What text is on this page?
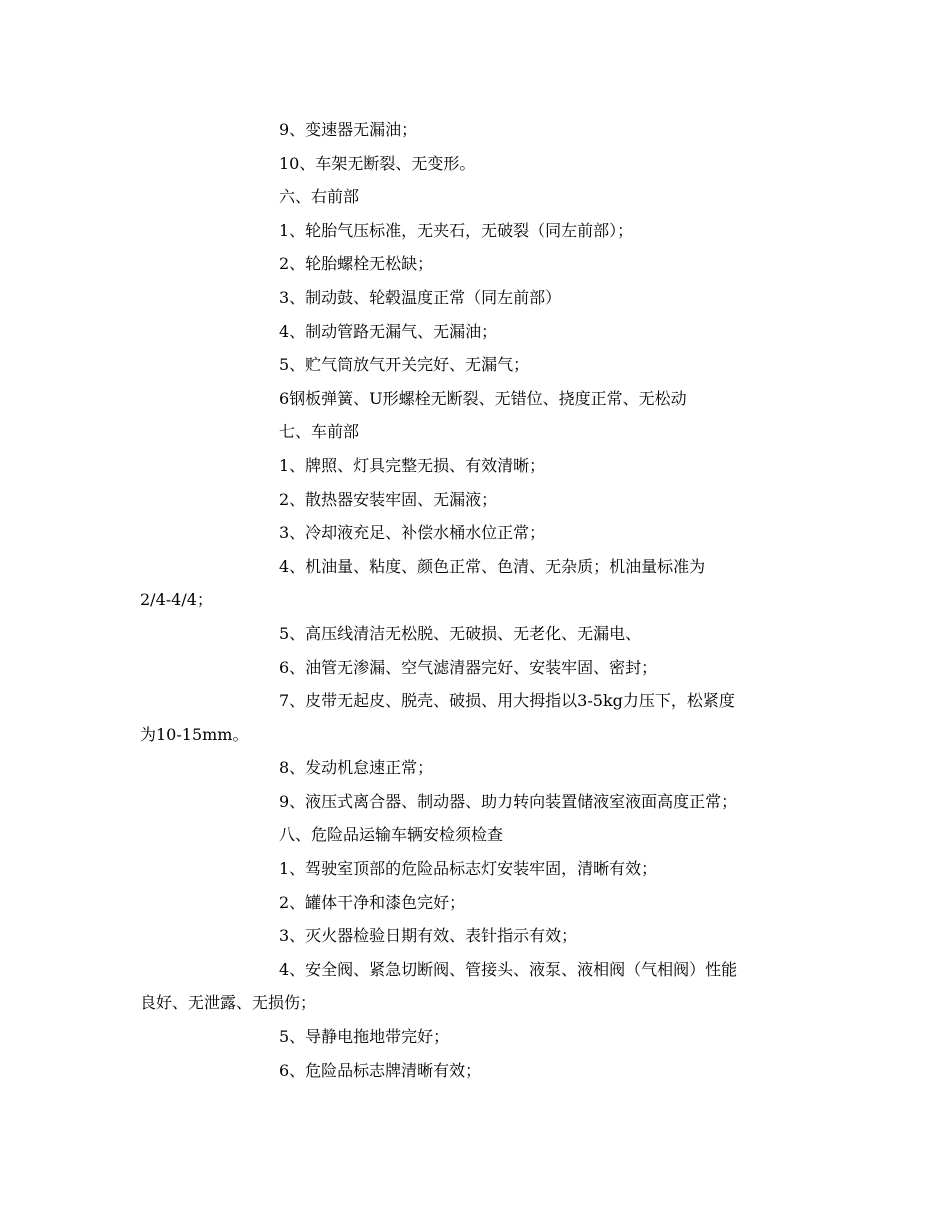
9、变速器无漏油；
10、车架无断裂、无变形。
六、右前部
1、轮胎气压标准，无夹石，无破裂（同左前部）；
2、轮胎螺栓无松缺；
3、制动鼓、轮毂温度正常（同左前部）
4、制动管路无漏气、无漏油；
5、贮气筒放气开关完好、无漏气；
6钢板弹簧、U形螺栓无断裂、无错位、挠度正常、无松动
七、车前部
1、牌照、灯具完整无损、有效清晰；
2、散热器安装牢固、无漏液；
3、冷却液充足、补偿水桶水位正常；
4、机油量、粘度、颜色正常、色清、无杂质；机油量标准为
2/4-4/4；
5、高压线清洁无松脱、无破损、无老化、无漏电、
6、油管无渗漏、空气滤清器完好、安装牢固、密封；
7、皮带无起皮、脱壳、破损、用大拇指以3-5kg力压下，松紧度
为10-15mm。
8、发动机怠速正常；
9、液压式离合器、制动器、助力转向装置储液室液面高度正常；
八、危险品运输车辆安检须检查
1、驾驶室顶部的危险品标志灯安装牢固，清晰有效；
2、罐体干净和漆色完好；
3、灭火器检验日期有效、表针指示有效；
4、安全阀、紧急切断阀、管接头、液泵、液相阀（气相阀）性能
良好、无泄露、无损伤；
5、导静电拖地带完好；
6、危险品标志牌清晰有效；
